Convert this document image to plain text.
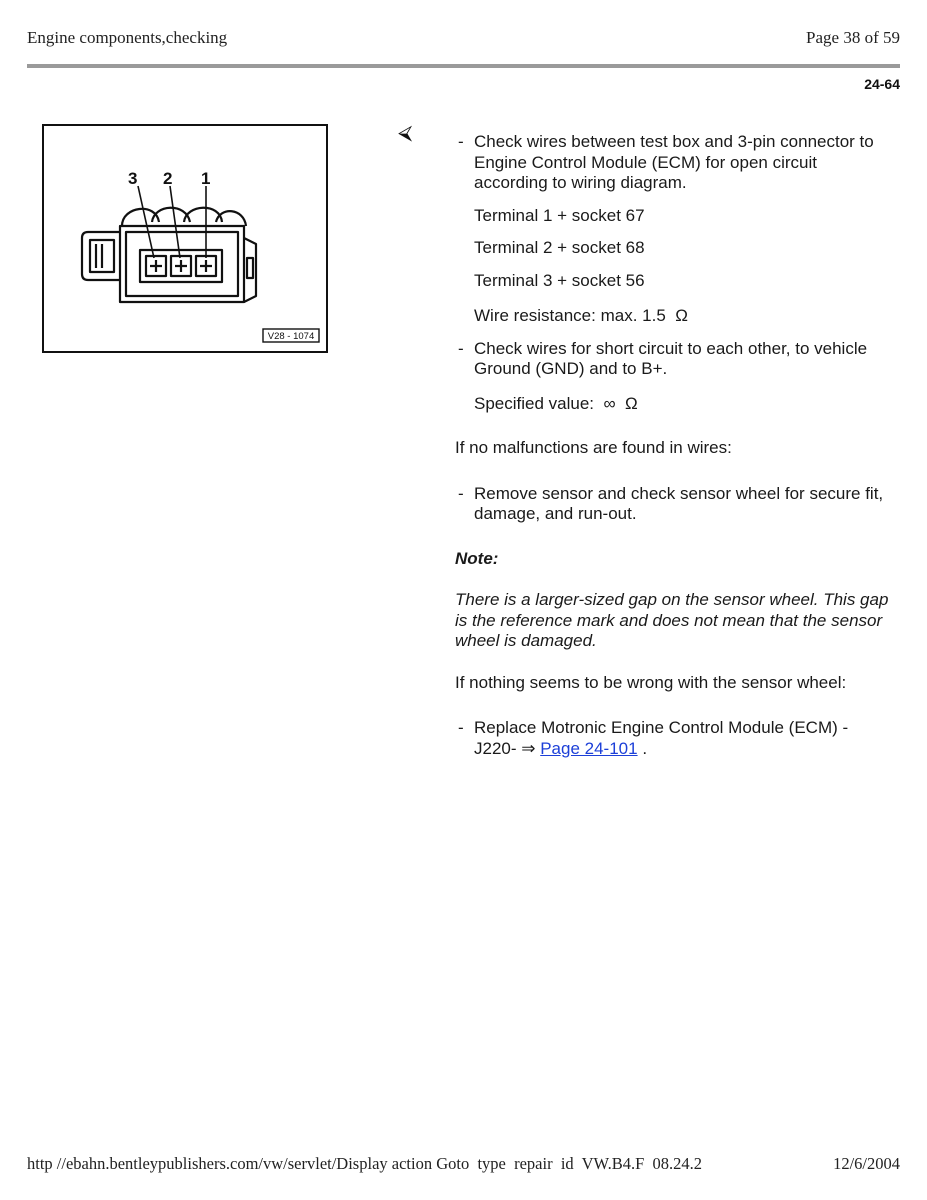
Engine components,checking	Page 38 of 59
24-64
3 2 1
V28 - 1074
⮘	- Check wires between test box and 3-pin connector to Engine Control Module (ECM) for open circuit according to wiring diagram.
Terminal 1 + socket 67
Terminal 2 + socket 68
Terminal 3 + socket 56
Wire resistance: max. 1.5  Ω
- Check wires for short circuit to each other, to vehicle Ground (GND) and to B+.
Specified value:  ∞  Ω
If no malfunctions are found in wires:
- Remove sensor and check sensor wheel for secure fit, damage, and run-out.
Note:
There is a larger-sized gap on the sensor wheel. This gap is the reference mark and does not mean that the sensor wheel is damaged.
If nothing seems to be wrong with the sensor wheel:
- Replace Motronic Engine Control Module (ECM) - J220- ⇒ Page 24-101 .
http //ebahn.bentleypublishers.com/vw/servlet/Display action Goto  type  repair  id  VW.B4.F  08.24.2	12/6/2004
